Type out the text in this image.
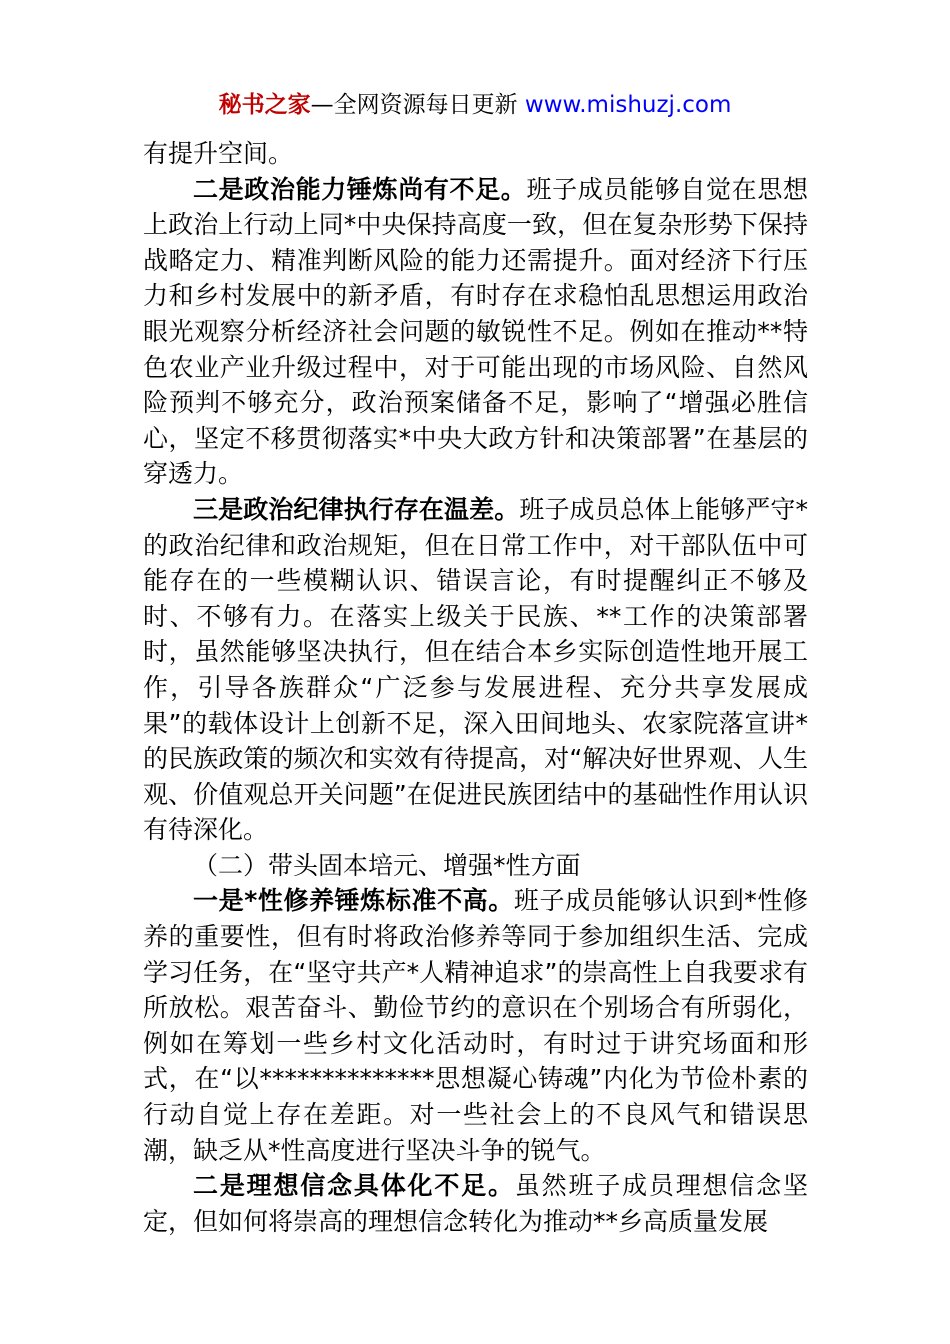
秘书之家—全网资源每日更新 www.mishuzj.com

有提升空间。

二是政治能力锤炼尚有不足。班子成员能够自觉在思想上政治上行动上同*中央保持高度一致，但在复杂形势下保持战略定力、精准判断风险的能力还需提升。面对经济下行压力和乡村发展中的新矛盾，有时存在求稳怕乱思想运用政治眼光观察分析经济社会问题的敏锐性不足。例如在推动**特色农业产业升级过程中，对于可能出现的市场风险、自然风险预判不够充分，政治预案储备不足，影响了“增强必胜信心，坚定不移贯彻落实*中央大政方针和决策部署”在基层的穿透力。

三是政治纪律执行存在温差。班子成员总体上能够严守*的政治纪律和政治规矩，但在日常工作中，对干部队伍中可能存在的一些模糊认识、错误言论，有时提醒纠正不够及时、不够有力。在落实上级关于民族、**工作的决策部署时，虽然能够坚决执行，但在结合本乡实际创造性地开展工作，引导各族群众“广泛参与发展进程、充分共享发展成果”的载体设计上创新不足，深入田间地头、农家院落宣讲*的民族政策的频次和实效有待提高，对“解决好世界观、人生观、价值观总开关问题”在促进民族团结中的基础性作用认识有待深化。

（二）带头固本培元、增强*性方面

一是*性修养锤炼标准不高。班子成员能够认识到*性修养的重要性，但有时将政治修养等同于参加组织生活、完成学习任务，在“坚守共产*人精神追求”的崇高性上自我要求有所放松。艰苦奋斗、勤俭节约的意识在个别场合有所弱化，例如在筹划一些乡村文化活动时，有时过于讲究场面和形式，在“以**************思想凝心铸魂”内化为节俭朴素的行动自觉上存在差距。对一些社会上的不良风气和错误思潮，缺乏从*性高度进行坚决斗争的锐气。

二是理想信念具体化不足。虽然班子成员理想信念坚定，但如何将崇高的理想信念转化为推动**乡高质量发展
